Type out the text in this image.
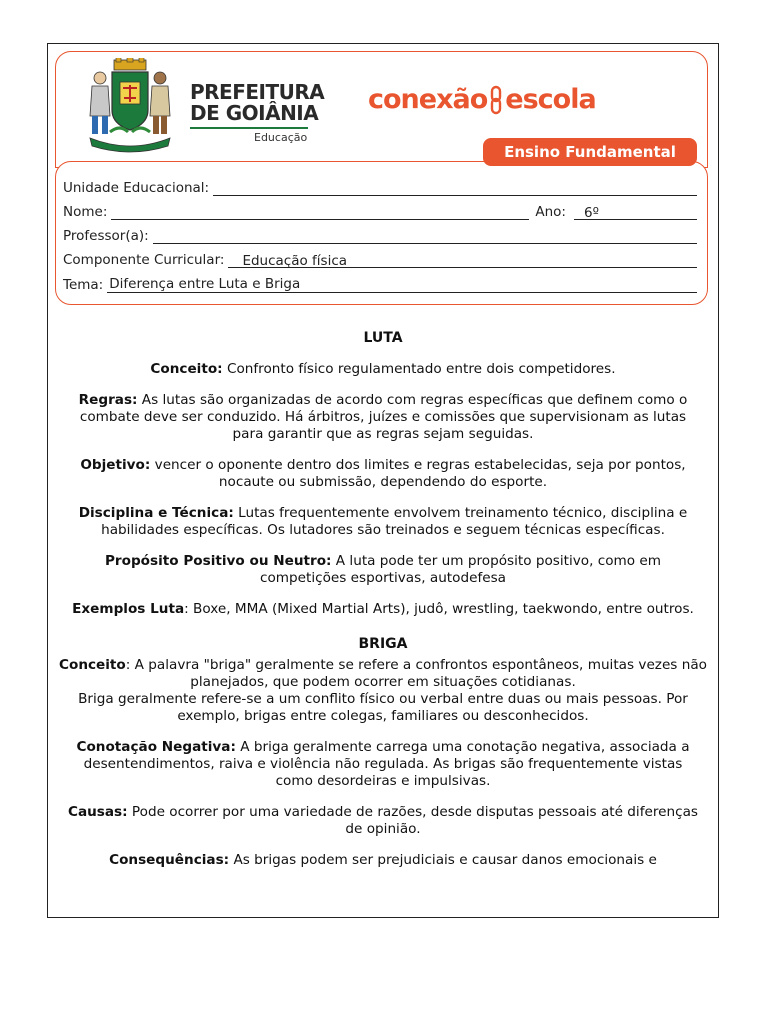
PREFEITURA
DE GOIÂNIA
Educação
conexão escola
Ensino Fundamental
Unidade Educacional:
Nome:	Ano:	6º
Professor(a):
Componente Curricular:	Educação física
Tema: Diferença entre Luta e Briga
LUTA

Conceito: Confronto físico regulamentado entre dois competidores.

Regras: As lutas são organizadas de acordo com regras específicas que definem como o combate deve ser conduzido. Há árbitros, juízes e comissões que supervisionam as lutas para garantir que as regras sejam seguidas.

Objetivo: vencer o oponente dentro dos limites e regras estabelecidas, seja por pontos, nocaute ou submissão, dependendo do esporte.

Disciplina e Técnica: Lutas frequentemente envolvem treinamento técnico, disciplina e habilidades específicas. Os lutadores são treinados e seguem técnicas específicas.

Propósito Positivo ou Neutro: A luta pode ter um propósito positivo, como em competições esportivas, autodefesa

Exemplos Luta: Boxe, MMA (Mixed Martial Arts), judô, wrestling, taekwondo, entre outros.

BRIGA

Conceito: A palavra "briga" geralmente se refere a confrontos espontâneos, muitas vezes não planejados, que podem ocorrer em situações cotidianas.

Briga geralmente refere-se a um conflito físico ou verbal entre duas ou mais pessoas. Por exemplo, brigas entre colegas, familiares ou desconhecidos.

Conotação Negativa: A briga geralmente carrega uma conotação negativa, associada a desentendimentos, raiva e violência não regulada. As brigas são frequentemente vistas como desordeiras e impulsivas.

Causas: Pode ocorrer por uma variedade de razões, desde disputas pessoais até diferenças de opinião.

Consequências: As brigas podem ser prejudiciais e causar danos emocionais e
